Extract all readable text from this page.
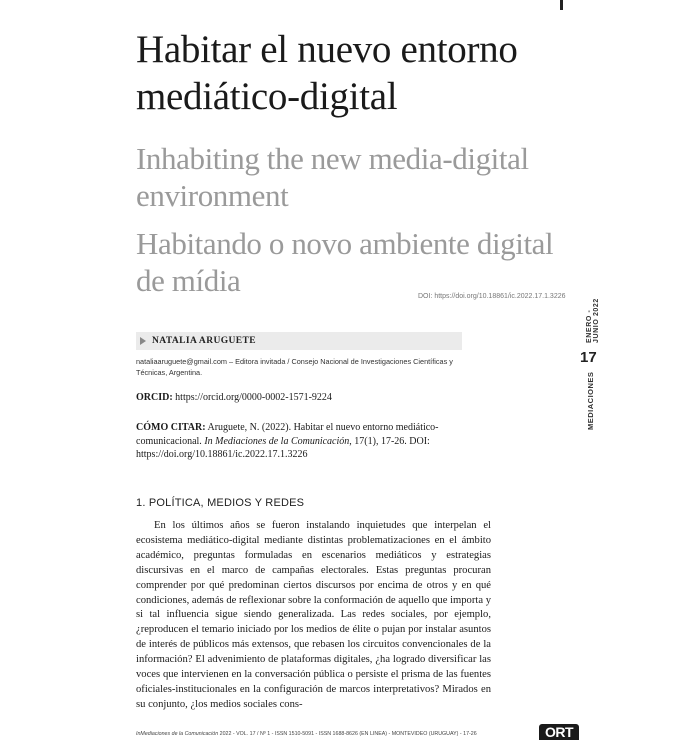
Habitar el nuevo entorno mediático-digital
Inhabiting the new media-digital environment
Habitando o novo ambiente digital de mídia	DOI: https://doi.org/10.18861/ic.2022.17.1.3226
NATALIA ARUGUETE
nataliaaruguete@gmail.com – Editora invitada / Consejo Nacional de Investigaciones Científicas y Técnicas, Argentina.
ORCID: https://orcid.org/0000-0002-1571-9224
CÓMO CITAR: Aruguete, N. (2022). Habitar el nuevo entorno mediático-comunicacional. In Mediaciones de la Comunicación, 17(1), 17-26. DOI: https://doi.org/10.18861/ic.2022.17.1.3226
1. POLÍTICA, MEDIOS Y REDES

En los últimos años se fueron instalando inquietudes que interpelan el ecosistema mediático-digital mediante distintas problematizaciones en el ámbito académico, preguntas formuladas en escenarios mediáticos y estrategias discursivas en el marco de campañas electorales. Estas preguntas procuran comprender por qué predominan ciertos discursos por encima de otros y en qué condiciones, además de reflexionar sobre la conformación de aquello que importa y si tal influencia sigue siendo generalizada. Las redes sociales, por ejemplo, ¿reproducen el temario iniciado por los medios de élite o pujan por instalar asuntos de interés de públicos más extensos, que rebasen los circuitos convencionales de la información? El advenimiento de plataformas digitales, ¿ha logrado diversificar las voces que intervienen en la conversación pública o persiste el prisma de las fuentes oficiales-institucionales en la configuración de marcos interpretativos? Mirados en su conjunto, ¿los medios sociales cons-

ENERO - JUNIO 2022
17
MEDIACIONES
InMediaciones de la Comunicación 2022 - VOL. 17 / Nº 1 - ISSN 1510-5091 - ISSN 1688-8626 (EN LÍNEA) - MONTEVIDEO (URUGUAY) - 17-26	ORT
